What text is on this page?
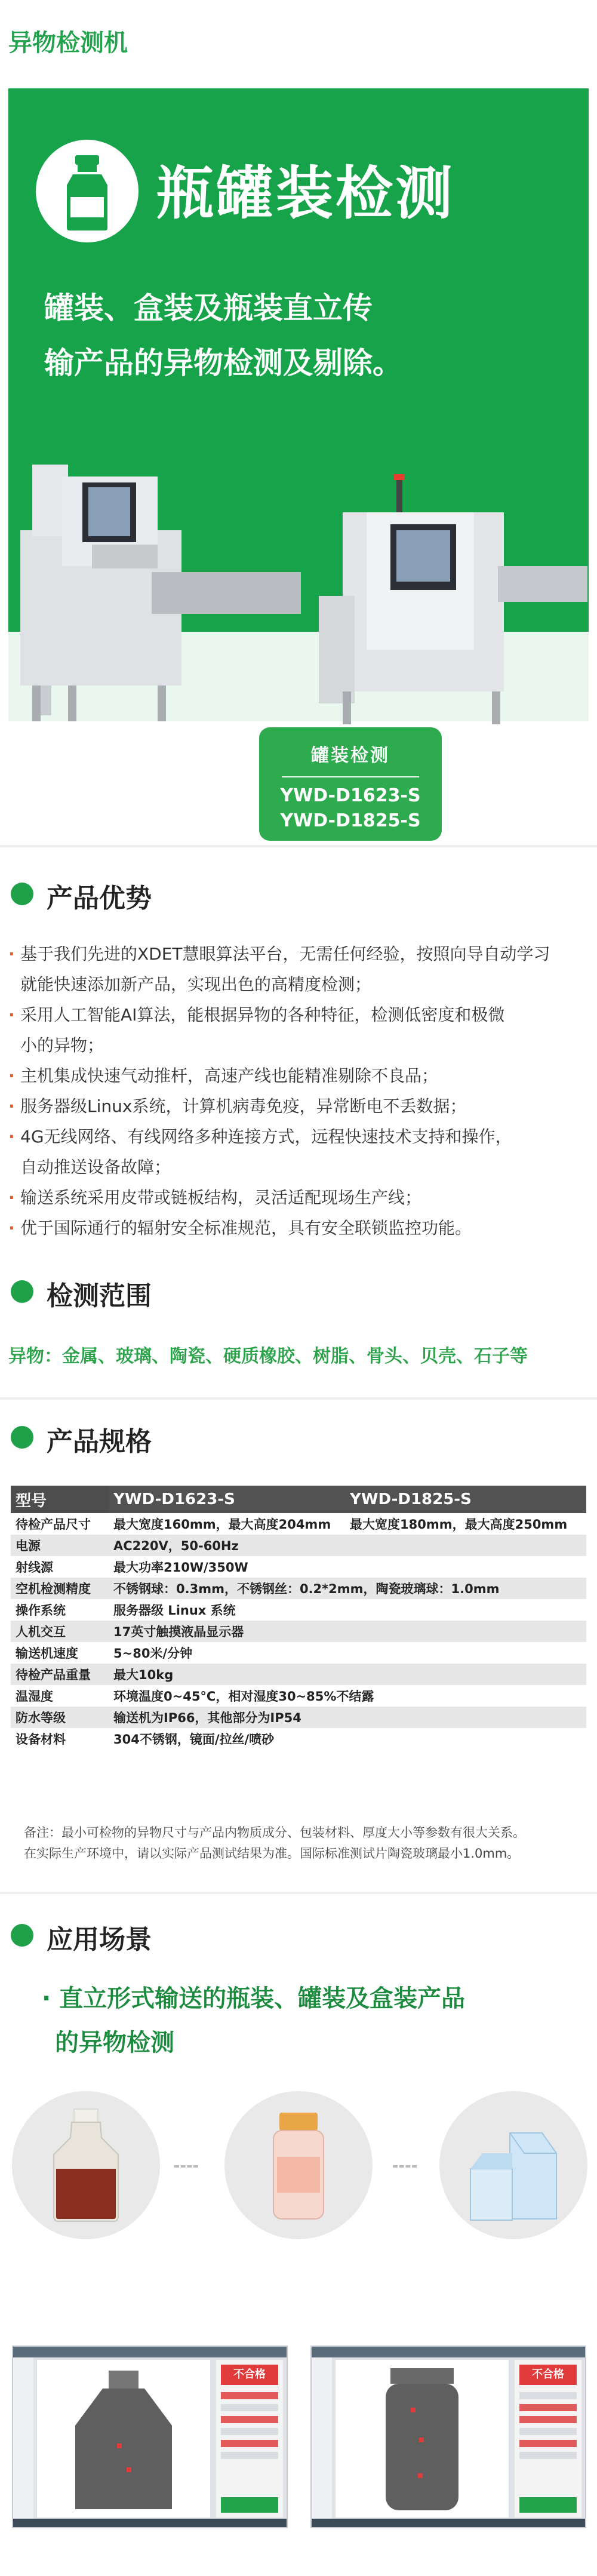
异物检测机
瓶罐装检测
罐装、盒装及瓶装直立传
输产品的异物检测及剔除。
罐装检测
YWD-D1623-S
YWD-D1825-S
产品优势
· 基于我们先进的XDET慧眼算法平台，无需任何经验，按照向导自动学习
就能快速添加新产品，实现出色的高精度检测；
· 采用人工智能AI算法，能根据异物的各种特征，检测低密度和极微
小的异物；
· 主机集成快速气动推杆，高速产线也能精准剔除不良品；
· 服务器级Linux系统，计算机病毒免疫，异常断电不丢数据；
· 4G无线网络、有线网络多种连接方式，远程快速技术支持和操作，
自动推送设备故障；
· 输送系统采用皮带或链板结构，灵活适配现场生产线；
· 优于国际通行的辐射安全标准规范，具有安全联锁监控功能。
检测范围
异物：金属、玻璃、陶瓷、硬质橡胶、树脂、骨头、贝壳、石子等
产品规格
型号	YWD-D1623-S	YWD-D1825-S
待检产品尺寸	最大宽度160mm，最大高度204mm	最大宽度180mm，最大高度250mm
电源	AC220V，50-60Hz	
射线源	最大功率210W/350W	
空机检测精度	不锈钢球：0.3mm，不锈钢丝：0.2*2mm，陶瓷玻璃球：1.0mm	
操作系统	服务器级 Linux 系统	
人机交互	17英寸触摸液晶显示器	
输送机速度	5~80米/分钟	
待检产品重量	最大10kg	
温湿度	环境温度0~45°C，相对湿度30~85%不结露	
防水等级	输送机为IP66，其他部分为IP54	
设备材料	304不锈钢，镜面/拉丝/喷砂	
备注：最小可检物的异物尺寸与产品内物质成分、包装材料、厚度大小等参数有很大关系。
在实际生产环境中，请以实际产品测试结果为准。国际标准测试片陶瓷玻璃最小1.0mm。
应用场景
· 直立形式输送的瓶装、罐装及盒装产品
的异物检测
不合格	不合格
